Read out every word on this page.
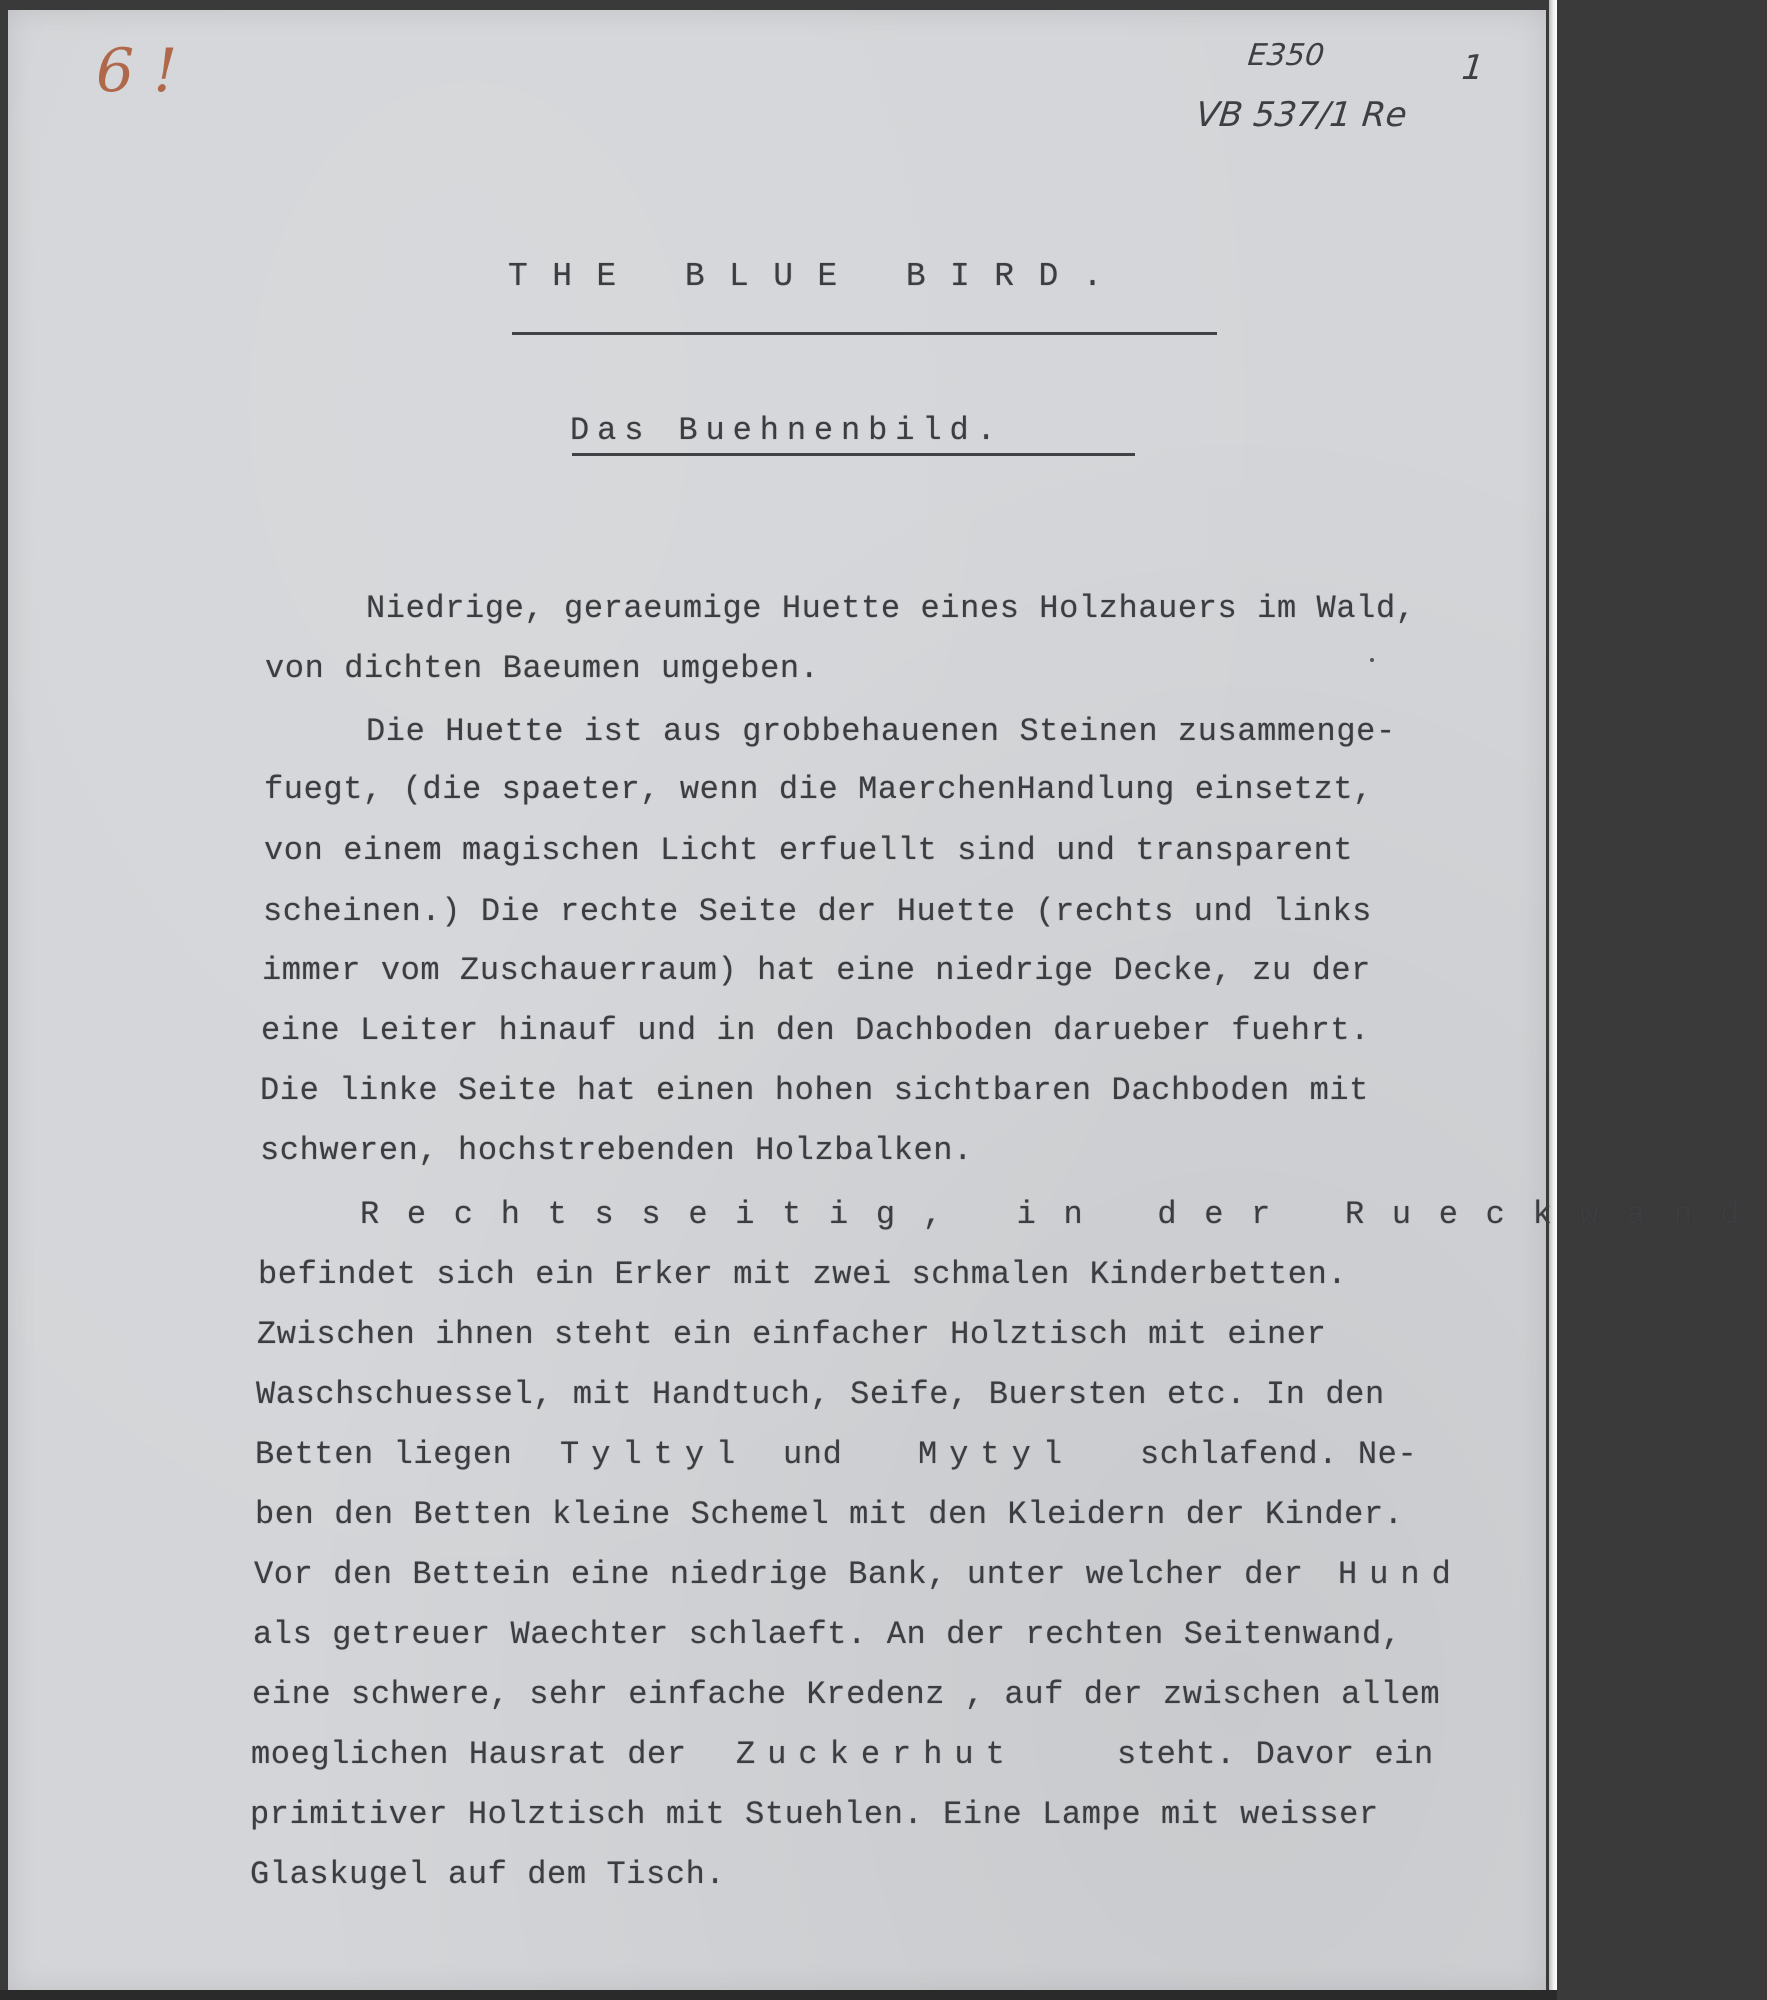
6 !	E350
VB 537/1 Re
1
THE BLUE BIRD.
Das Buehnenbild.
Niedrige, geraeumige Huette eines Holzhauers im Wald,
von dichten Baeumen umgeben.
Die Huette ist aus grobbehauenen Steinen zusammenge-
fuegt, (die spaeter, wenn die MaerchenHandlung einsetzt,
von einem magischen Licht erfuellt sind und transparent
scheinen.) Die rechte Seite der Huette (rechts und links
immer vom Zuschauerraum) hat eine niedrige Decke, zu der
eine Leiter hinauf und in den Dachboden darueber fuehrt.
Die linke Seite hat einen hohen sichtbaren Dachboden mit
schweren, hochstrebenden Holzbalken.
Rechtsseitig, in der Rueckwand
befindet sich ein Erker mit zwei schmalen Kinderbetten.
Zwischen ihnen steht ein einfacher Holztisch mit einer
Waschschuessel, mit Handtuch, Seife, Buersten etc. In den
Betten liegen Tyltyl und Mytyl schlafend. Ne-
ben den Betten kleine Schemel mit den Kleidern der Kinder.
Vor den Bettein eine niedrige Bank, unter welcher der Hund
als getreuer Waechter schlaeft. An der rechten Seitenwand,
eine schwere, sehr einfache Kredenz , auf der zwischen allem
moeglichen Hausrat der Zuckerhut	steht. Davor ein
primitiver Holztisch mit Stuehlen. Eine Lampe mit weisser
Glaskugel auf dem Tisch.
